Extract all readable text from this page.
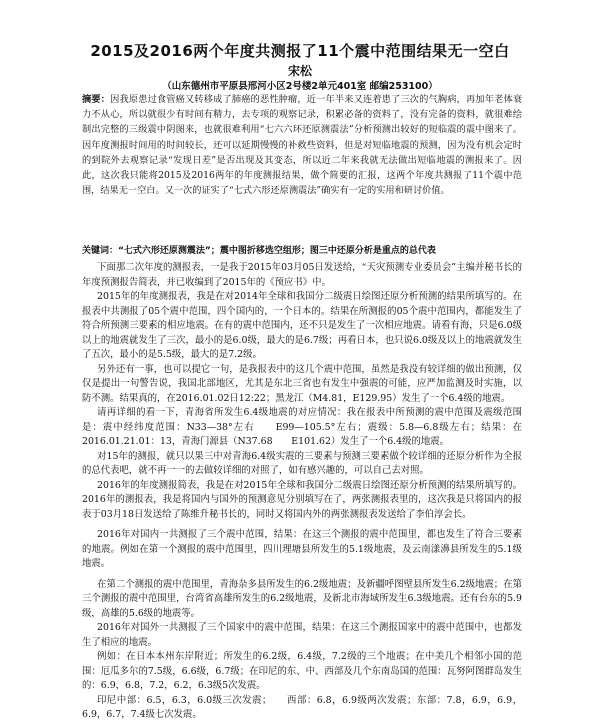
2015及2016两个年度共测报了11个震中范围结果无一空白
宋松
（山东德州市平原县邢河小区2号楼2单元401室 邮编253100）
摘要：因我原患过食管癌又转移成了肺癌的恶性肿瘤，近一年半来又连着患了三次的气胸病，再加年老体衰力不从心，所以就很少有时间有精力，去专项的观察记录，积累必备的资料了，没有完备的资料，就很难绘制出完整的三级震中阴图来，也就很难利用“七六六环还原测震法”分析预测出较好的短临震的震中图来了。因年度测报时间用的时间较长，还可以延期慢慢的补救些资料，但是对短临地震的预测，因为没有机会定时的到院外去观察记录“发现日差”是否出现及其变态，所以近二年来我就无法做出短临地震的测报来了。因此，这次我只能将2015及2016两年的年度测报结果，做个简要的汇报，这两个年度共测报了11个震中范围，结果无一空白。又一次的证实了“七式六形还原测震法”确实有一定的实用和研讨价值。
关键词：“七式六形还原测震法”；震中图折移选空组形；图三中还原分析是重点的总代表

下面那二次年度的测报表，一是我于2015年03月05日发送给，“天灾预测专业委员会”主编并秘书长的年度预测报告简表，并已收编到了2015年的《预应书》中。

2015年的年度测报表，我是在对2014年全球和我国分二级震日绘图还原分析预测的结果所填写的。在报表中共测报了05个震中范围，四个国内的，一个日本的。结果在所测报的05个震中范围内，都能发生了符合所预测三要素的相应地震。在有的震中范围内，还不只是发生了一次相应地震。请看有海，只是6.0级以上的地震就发生了三次，最小的是6.0级，最大的是6.7级；再看日本，也只说6.0级及以上的地震就发生了五次，最小的是5.5级，最大的是7.2级。

另外还有一事，也可以提它一句，是我报表中的这几个震中范围，虽然是我没有较详细的做出预测，仅仅是提出一句警告说，我国北部地区，尤其是东北三省也有发生中强震的可能，应严加监测及时实施，以防不测。结果真的，在2016.01.02日12:22；黑龙江（M4.81，E129.95）发生了一个6.4级的地震。

请再详细的看一下，青海省所发生6.4级地震的对应情况：我在报表中所预测的震中范围及震级范围是：震中经纬度范围：N33—38°左右　　E99—105.5°左右；震级：5.8—6.8级左右；结果：在2016.01.21.01：13，青海门源县（N37.68　　E101.62）发生了一个6.4级的地震。

对15年的测报，就只以果三中对青海6.4级实震的三要素与预测三要素做个较详细的还原分析作为全报的总代表吧，就不再一一的去做较详细的对照了，如有感兴趣的，可以自己去对照。

2016年的年度测报简表，我是在对2015年全球和我国分二级震日绘图还原分析预测的结果所填写的。2016年的测报表，我是将国内与国外的预测意见分别填写在了，两张测报表里的，这次我是只将国内的报表于03月18日发送给了陈维升秘书长的，同时又将国内外的两张测报表发送给了李伯淳会长。

2016年对国内一共测报了三个震中范围，结果：在这三个测报的震中范围里，都也发生了符合三要素的地震。例如在第一个测报的震中范围里，四川理塘县所发生的5.1级地震，及云南漾濞县所发生的5.1级地震。

在第二个测报的震中范围里，青海杂多县所发生的6.2级地震；及新疆呼图壁县所发生6.2级地震；在第三个测报的震中范围里，台湾省高雄所发生的6.2级地震，及新北市海域所发生6.3级地震。还有台东的5.9级，高雄的5.6级的地震等。

2016年对国外一共测报了三个国家中的震中范围，结果：在这三个测报国家中的震中范围中，也都发生了相应的地震。

例如：在日本本州东岸附近；所发生的6.2级，6.4级，7.2级的三个地震；在中美几个相邻小国的范围：厄瓜多尔的7.5级，6.6级，6.7级；在印尼的东、中、西部及几个东南岛国的范围：瓦努阿图群岛发生的：6.9，6.8，7.2，6.2，6.3级5次发震。

印尼中部：6.5，6.3，6.0级三次发震；　　西部：6.8，6.9级两次发震；东部：7.8，6.9，6.9，6.9，6.7，7.4级七次发震。
